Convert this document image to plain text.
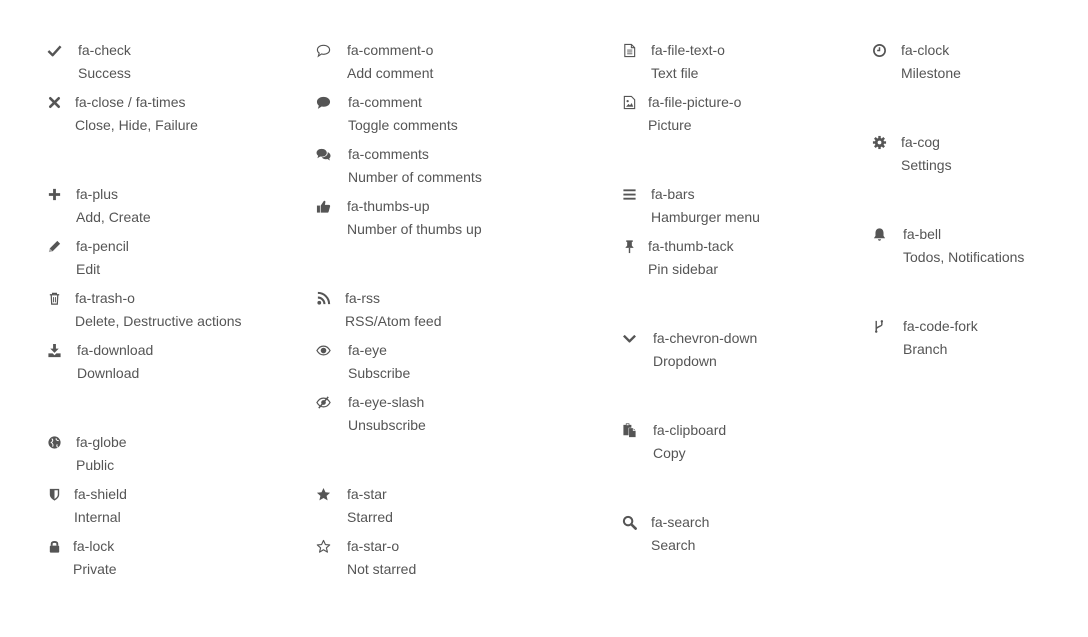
fa-check
Success
fa-close / fa-times
Close, Hide, Failure
fa-plus
Add, Create
fa-pencil
Edit
fa-trash-o
Delete, Destructive actions
fa-download
Download
fa-globe
Public
fa-shield
Internal
fa-lock
Private
fa-comment-o
Add comment
fa-comment
Toggle comments
fa-comments
Number of comments
fa-thumbs-up
Number of thumbs up
fa-rss
RSS/Atom feed
fa-eye
Subscribe
fa-eye-slash
Unsubscribe
fa-star
Starred
fa-star-o
Not starred
fa-file-text-o
Text file
fa-file-picture-o
Picture
fa-bars
Hamburger menu
fa-thumb-tack
Pin sidebar
fa-chevron-down
Dropdown
fa-clipboard
Copy
fa-search
Search
fa-clock
Milestone
fa-cog
Settings
fa-bell
Todos, Notifications
fa-code-fork
Branch
